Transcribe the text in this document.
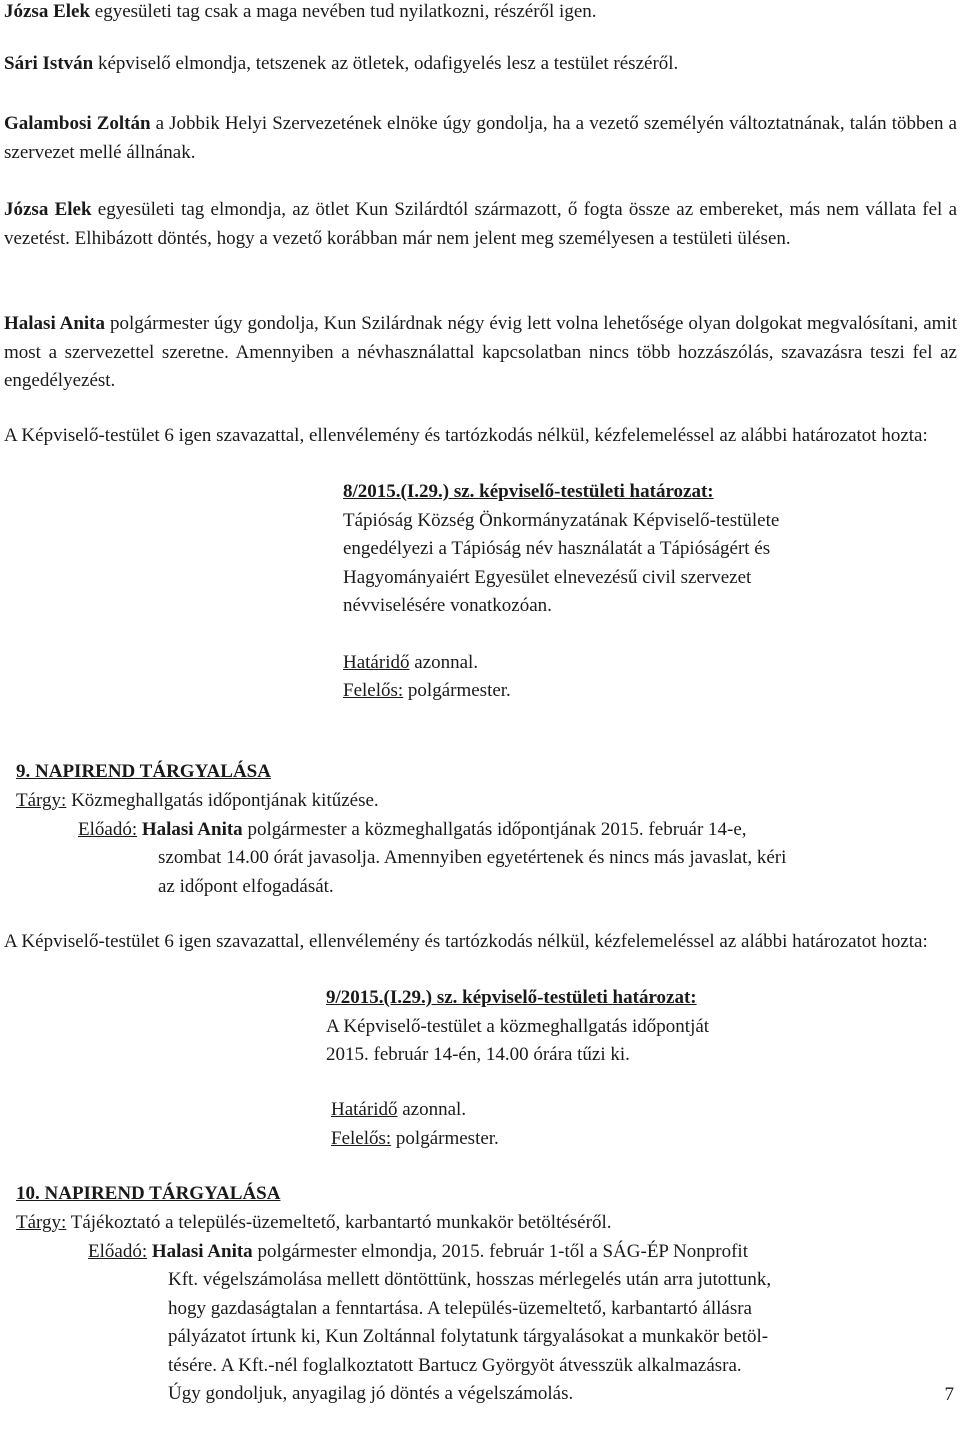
Józsa Elek egyesületi tag csak a maga nevében tud nyilatkozni, részéről igen.

Sári István képviselő elmondja, tetszenek az ötletek, odafigyelés lesz a testület részéről.

Galambosi Zoltán a Jobbik Helyi Szervezetének elnöke úgy gondolja, ha a vezető személyén változtatnának, talán többen a szervezet mellé állnának.

Józsa Elek egyesületi tag elmondja, az ötlet Kun Szilárdtól származott, ő fogta össze az embereket, más nem vállata fel a vezetést. Elhibázott döntés, hogy a vezető korábban már nem jelent meg személyesen a testületi ülésen.

Halasi Anita polgármester úgy gondolja, Kun Szilárdnak négy évig lett volna lehetősége olyan dolgokat megvalósítani, amit most a szervezettel szeretne. Amennyiben a névhasználattal kapcsolatban nincs több hozzászólás, szavazásra teszi fel az engedélyezést.

A Képviselő-testület 6 igen szavazattal, ellenvélemény és tartózkodás nélkül, kézfelemeléssel az alábbi határozatot hozta:

8/2015.(I.29.) sz. képviselő-testületi határozat:
Tápióság Község Önkormányzatának Képviselő-testülete
engedélyezi a Tápióság név használatát a Tápióságért és
Hagyományaiért Egyesület elnevezésű civil szervezet
névviselésére vonatkozóan.
Határidő azonnal.
Felelős: polgármester.
9. NAPIREND TÁRGYALÁSA
Tárgy: Közmeghallgatás időpontjának kitűzése.
Előadó: Halasi Anita polgármester a közmeghallgatás időpontjának 2015. február 14-e,
szombat 14.00 órát javasolja. Amennyiben egyetértenek és nincs más javaslat, kéri
az időpont elfogadását.

A Képviselő-testület 6 igen szavazattal, ellenvélemény és tartózkodás nélkül, kézfelemeléssel az alábbi határozatot hozta:

9/2015.(I.29.) sz. képviselő-testületi határozat:
A Képviselő-testület a közmeghallgatás időpontját
2015. február 14-én, 14.00 órára tűzi ki.
Határidő azonnal.
Felelős: polgármester.
10. NAPIREND TÁRGYALÁSA
Tárgy: Tájékoztató a település-üzemeltető, karbantartó munkakör betöltéséről.
Előadó: Halasi Anita polgármester elmondja, 2015. február 1-től a SÁG-ÉP Nonprofit
Kft. végelszámolása mellett döntöttünk, hosszas mérlegelés után arra jutottunk,
hogy gazdaságtalan a fenntartása. A település-üzemeltető, karbantartó állásra
pályázatot írtunk ki, Kun Zoltánnal folytatunk tárgyalásokat a munkakör betöl-
tésére. A Kft.-nél foglalkoztatott Bartucz Györgyöt átvesszük alkalmazásra.
Úgy gondoljuk, anyagilag jó döntés a végelszámolás.	7
